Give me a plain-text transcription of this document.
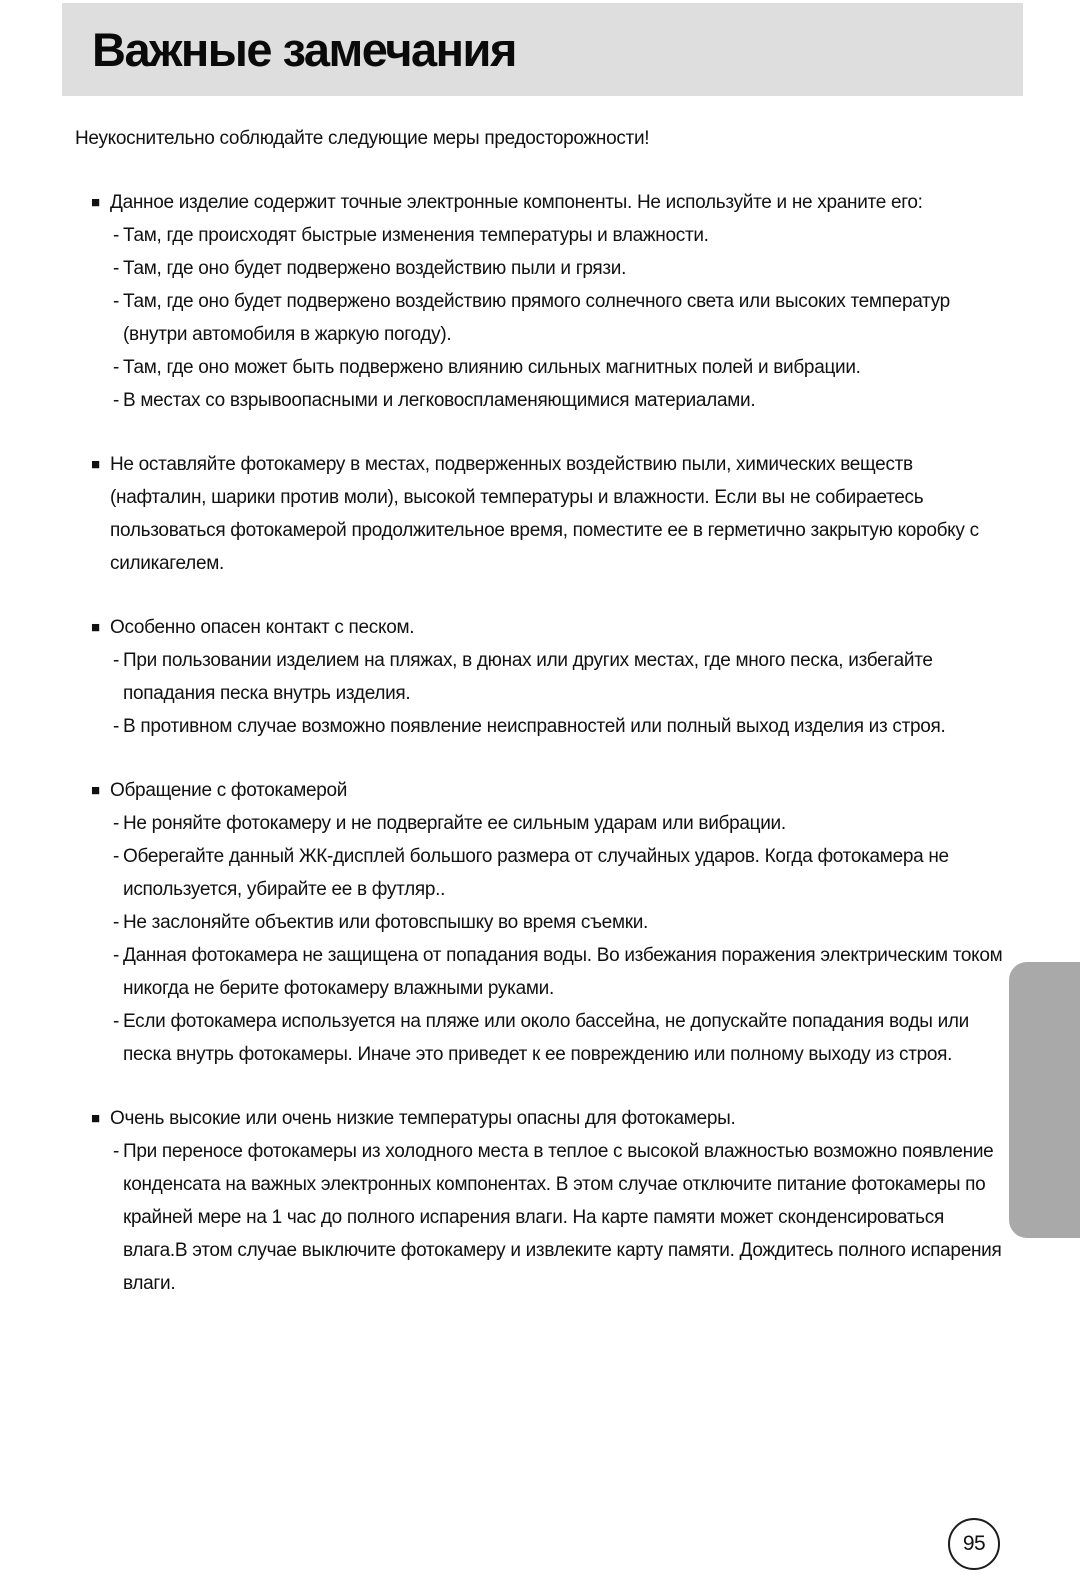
Важные замечания
Неукоснительно соблюдайте следующие меры предосторожности!
■ Данное изделие содержит точные электронные компоненты. Не используйте и не храните его:
- Там, где происходят быстрые изменения температуры и влажности.
- Там, где оно будет подвержено воздействию пыли и грязи.
- Там, где оно будет подвержено воздействию прямого солнечного света или высоких температур
(внутри автомобиля в жаркую погоду).
- Там, где оно может быть подвержено влиянию сильных магнитных полей и вибрации.
- В местах со взрывоопасными и легковоспламеняющимися материалами.
■ Не оставляйте фотокамеру в местах, подверженных воздействию пыли, химических веществ
(нафталин, шарики против моли), высокой температуры и влажности. Если вы не собираетесь
пользоваться фотокамерой продолжительное время, поместите ее в герметично закрытую коробку с
силикагелем.
■ Особенно опасен контакт с песком.
- При пользовании изделием на пляжах, в дюнах или других местах, где много песка, избегайте
попадания песка внутрь изделия.
- В противном случае возможно появление неисправностей или полный выход изделия из строя.
■ Обращение с фотокамерой
- Не роняйте фотокамеру и не подвергайте ее сильным ударам или вибрации.
- Оберегайте данный ЖК-дисплей большого размера от случайных ударов. Когда фотокамера не
используется, убирайте ее в футляр..
- Не заслоняйте объектив или фотовспышку во время съемки.
- Данная фотокамера не защищена от попадания воды. Во избежания поражения электрическим током
никогда не берите фотокамеру влажными руками.
- Если фотокамера используется на пляже или около бассейна, не допускайте попадания воды или
песка внутрь фотокамеры. Иначе это приведет к ее повреждению или полному выходу из строя.
■ Очень высокие или очень низкие температуры опасны для фотокамеры.
- При переносе фотокамеры из холодного места в теплое с высокой влажностью возможно появление
конденсата на важных электронных компонентах. В этом случае отключите питание фотокамеры по
крайней мере на 1 час до полного испарения влаги. На карте памяти может сконденсироваться
влага.В этом случае выключите фотокамеру и извлеките карту памяти. Дождитесь полного испарения
влаги.
95
